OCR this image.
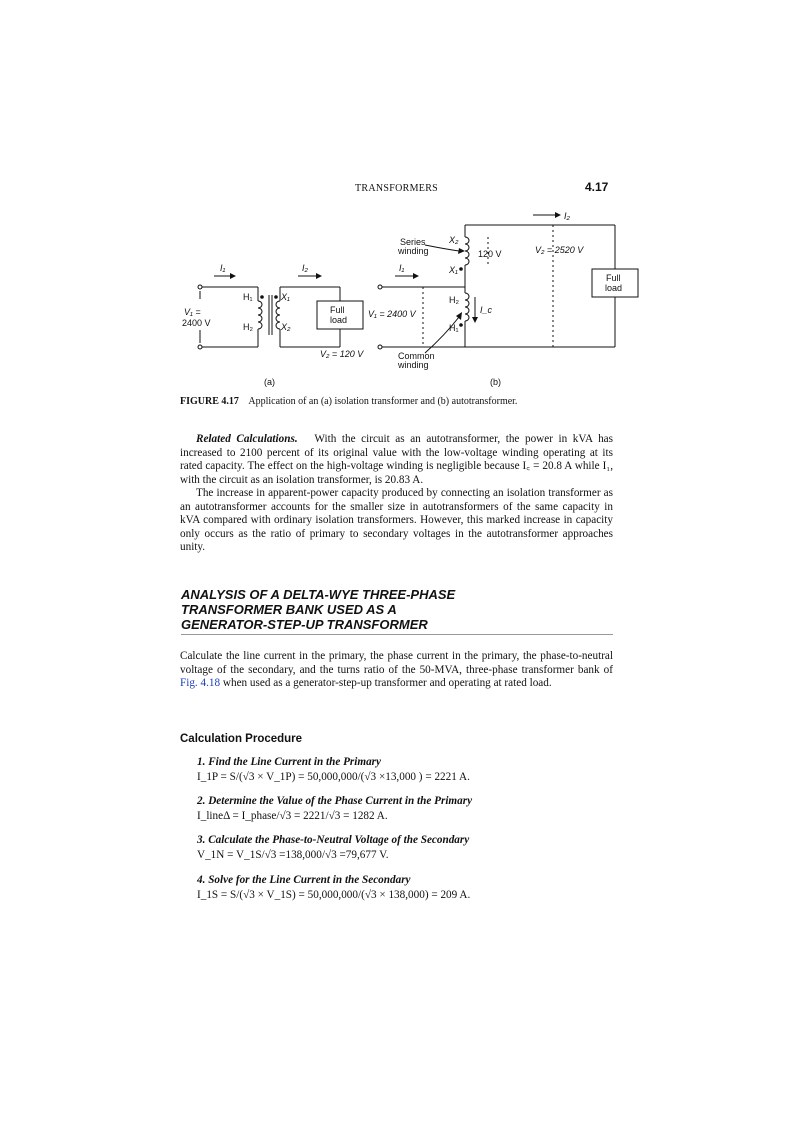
TRANSFORMERS	4.17
I₁	I₂
H₁
H₂
X₁
X₂
V₁ =
2400 V
Full
load
V₂ = 120 V
(a)
I₂
Series
winding
X₂
X₁
120 V	V₂ = 2520 V
Full
load
I₁
H₂
H₁
I_c
V₁ = 2400 V
Common
winding
(b)
FIGURE 4.17 Application of an (a) isolation transformer and (b) autotransformer.
Related Calculations. With the circuit as an autotransformer, the power in kVA has increased to 2100 percent of its original value with the low-voltage winding operating at its rated capacity. The effect on the high-voltage winding is negligible because I꜀ = 20.8 A while I₁, with the circuit as an isolation transformer, is 20.83 A.
The increase in apparent-power capacity produced by connecting an isolation transformer as an autotransformer accounts for the smaller size in autotransformers of the same capacity in kVA compared with ordinary isolation transformers. However, this marked increase in capacity only occurs as the ratio of primary to secondary voltages in the autotransformer approaches unity.
ANALYSIS OF A DELTA-WYE THREE-PHASE
TRANSFORMER BANK USED AS A
GENERATOR-STEP-UP TRANSFORMER
Calculate the line current in the primary, the phase current in the primary, the phase-to-neutral voltage of the secondary, and the turns ratio of the 50-MVA, three-phase transformer bank of Fig. 4.18 when used as a generator-step-up transformer and operating at rated load.
Calculation Procedure
1. Find the Line Current in the Primary
I_1P = S/(√3 × V_1P) = 50,000,000/(√3 ×13,000 ) = 2221 A.
2. Determine the Value of the Phase Current in the Primary
I_lineΔ = I_phase/√3 = 2221/√3 = 1282 A.
3. Calculate the Phase-to-Neutral Voltage of the Secondary
V_1N = V_1S/√3 =138,000/√3 =79,677 V.
4. Solve for the Line Current in the Secondary
I_1S = S/(√3 × V_1S) = 50,000,000/(√3 × 138,000) = 209 A.
